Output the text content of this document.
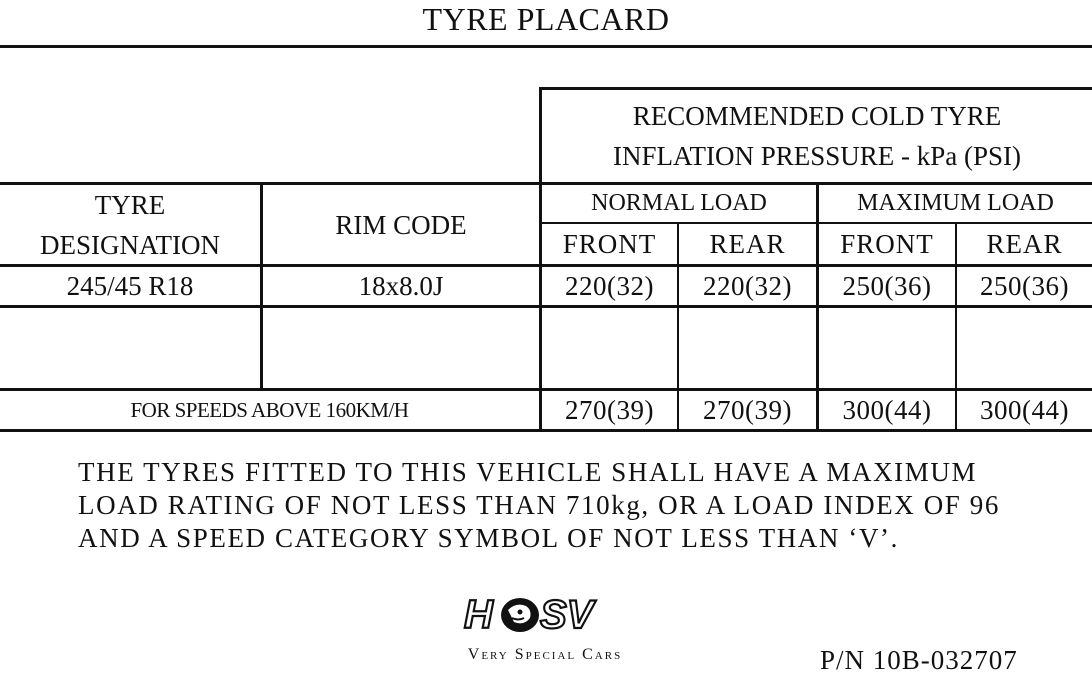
TYRE PLACARD
RECOMMENDED COLD TYRE
INFLATION PRESSURE - kPa (PSI)
TYRE
DESIGNATION
RIM CODE
NORMAL LOAD	MAXIMUM LOAD
FRONT	REAR	FRONT	REAR
245/45 R18	18x8.0J	220(32)	220(32)	250(36)	250(36)
FOR SPEEDS ABOVE 160KM/H	270(39)	270(39)	300(44)	300(44)
THE TYRES FITTED TO THIS VEHICLE SHALL HAVE A MAXIMUM
LOAD RATING OF NOT LESS THAN 710kg, OR A LOAD INDEX OF 96
AND A SPEED CATEGORY SYMBOL OF NOT LESS THAN ‘V’.
H SV
Very Special Cars	P/N 10B-032707
